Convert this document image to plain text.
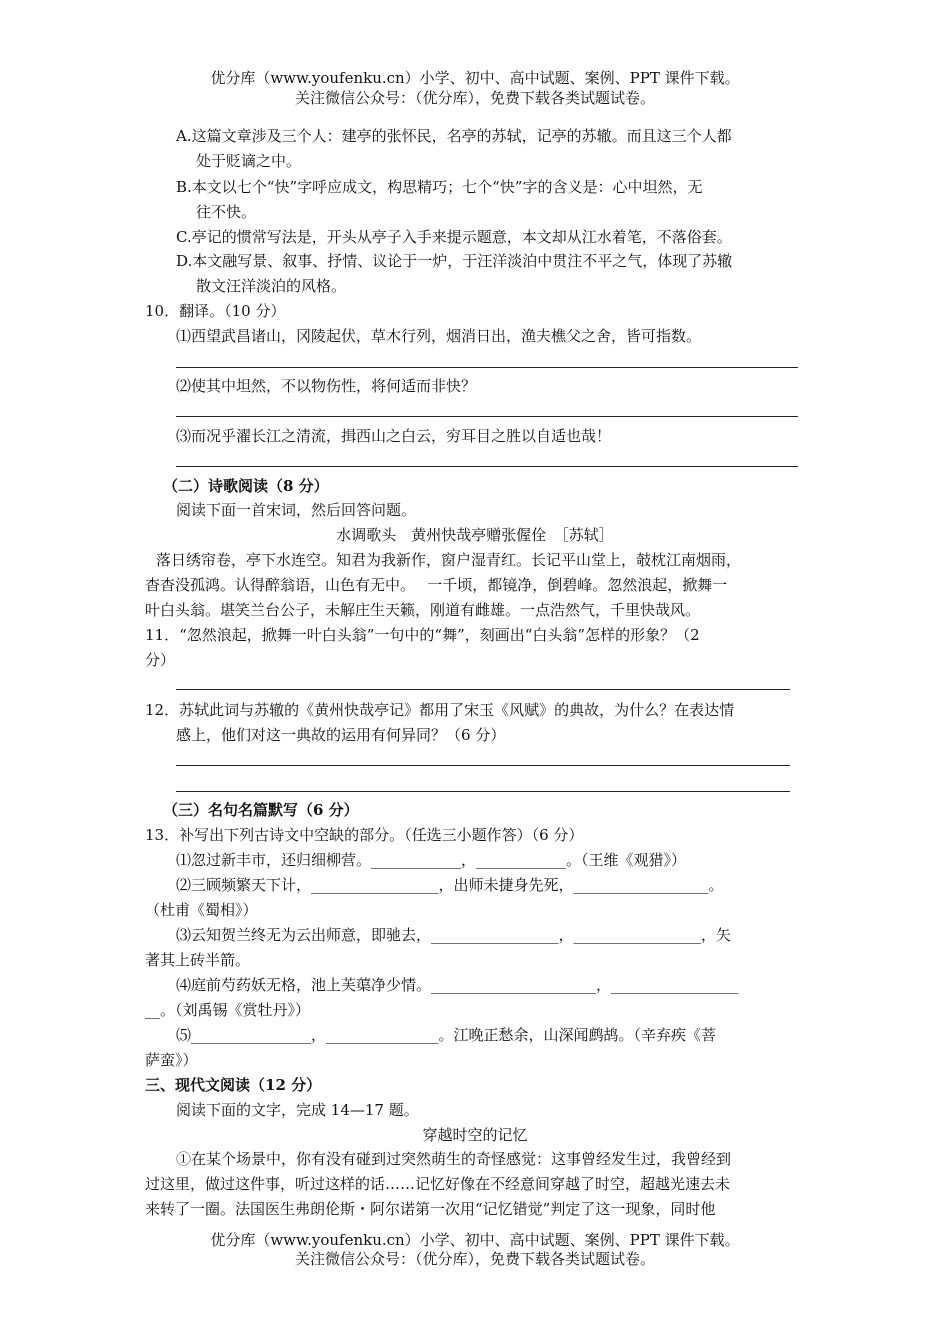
优分库（www.youfenku.cn）小学、初中、高中试题、案例、PPT 课件下载。
关注微信公众号：（优分库），免费下载各类试题试卷。
A.这篇文章涉及三个人：建亭的张怀民，名亭的苏轼，记亭的苏辙。而且这三个人都
处于贬谪之中。
B.本文以七个“快”字呼应成文，构思精巧；七个“快”字的含义是：心中坦然，无
往不快。
C.亭记的惯常写法是，开头从亭子入手来提示题意，本文却从江水着笔，不落俗套。
D.本文融写景、叙事、抒情、议论于一炉，于汪洋淡泊中贯注不平之气，体现了苏辙
散文汪洋淡泊的风格。
10．翻译。（10 分）
⑴西望武昌诸山，冈陵起伏，草木行列，烟消日出，渔夫樵父之舍，皆可指数。
⑵使其中坦然，不以物伤性，将何适而非快？
⑶而况乎濯长江之清流，揖西山之白云，穷耳目之胜以自适也哉！
（二）诗歌阅读（8 分）
阅读下面一首宋词，然后回答问题。
水调歌头　黄州快哉亭赠张偓佺　［苏轼］
落日绣帘卷，亭下水连空。知君为我新作，窗户湿青红。长记平山堂上，攲枕江南烟雨，
杳杳没孤鸿。认得醉翁语，山色有无中。　 一千顷，都镜净，倒碧峰。忽然浪起，掀舞一
叶白头翁。堪笑兰台公子，未解庄生天籁，刚道有雌雄。一点浩然气，千里快哉风。
11．“忽然浪起，掀舞一叶白头翁”一句中的“舞”，刻画出“白头翁”怎样的形象？（2
分）
12．苏轼此词与苏辙的《黄州快哉亭记》都用了宋玉《风赋》的典故，为什么？在表达情
感上，他们对这一典故的运用有何异同？（6 分）
（三）名句名篇默写（6 分）
13．补写出下列古诗文中空缺的部分。（任选三小题作答）（6 分）
⑴忽过新丰市，还归细柳营。____________，____________。（王维《观猎》）
⑵三顾频繁天下计，_________________，出师未捷身先死，__________________。
（杜甫《蜀相》）
⑶云知贺兰终无为云出师意，即驰去，_________________，_________________，矢
著其上砖半箭。
⑷庭前芍药妖无格，池上芙蕖净少情。______________________，_________________
__。（刘禹锡《赏牡丹》）
⑸________________，_______________。江晚正愁余，山深闻鹧鸪。（辛弃疾《菩
萨蛮》）
三、现代文阅读（12 分）
阅读下面的文字，完成 14—17 题。
穿越时空的记忆
①在某个场景中，你有没有碰到过突然萌生的奇怪感觉：这事曾经发生过，我曾经到
过这里，做过这件事，听过这样的话……记忆好像在不经意间穿越了时空，超越光速去未
来转了一圈。法国医生弗朗伦斯・阿尔诺第一次用“记忆错觉”判定了这一现象，同时他
优分库（www.youfenku.cn）小学、初中、高中试题、案例、PPT 课件下载。
关注微信公众号：（优分库），免费下载各类试题试卷。
